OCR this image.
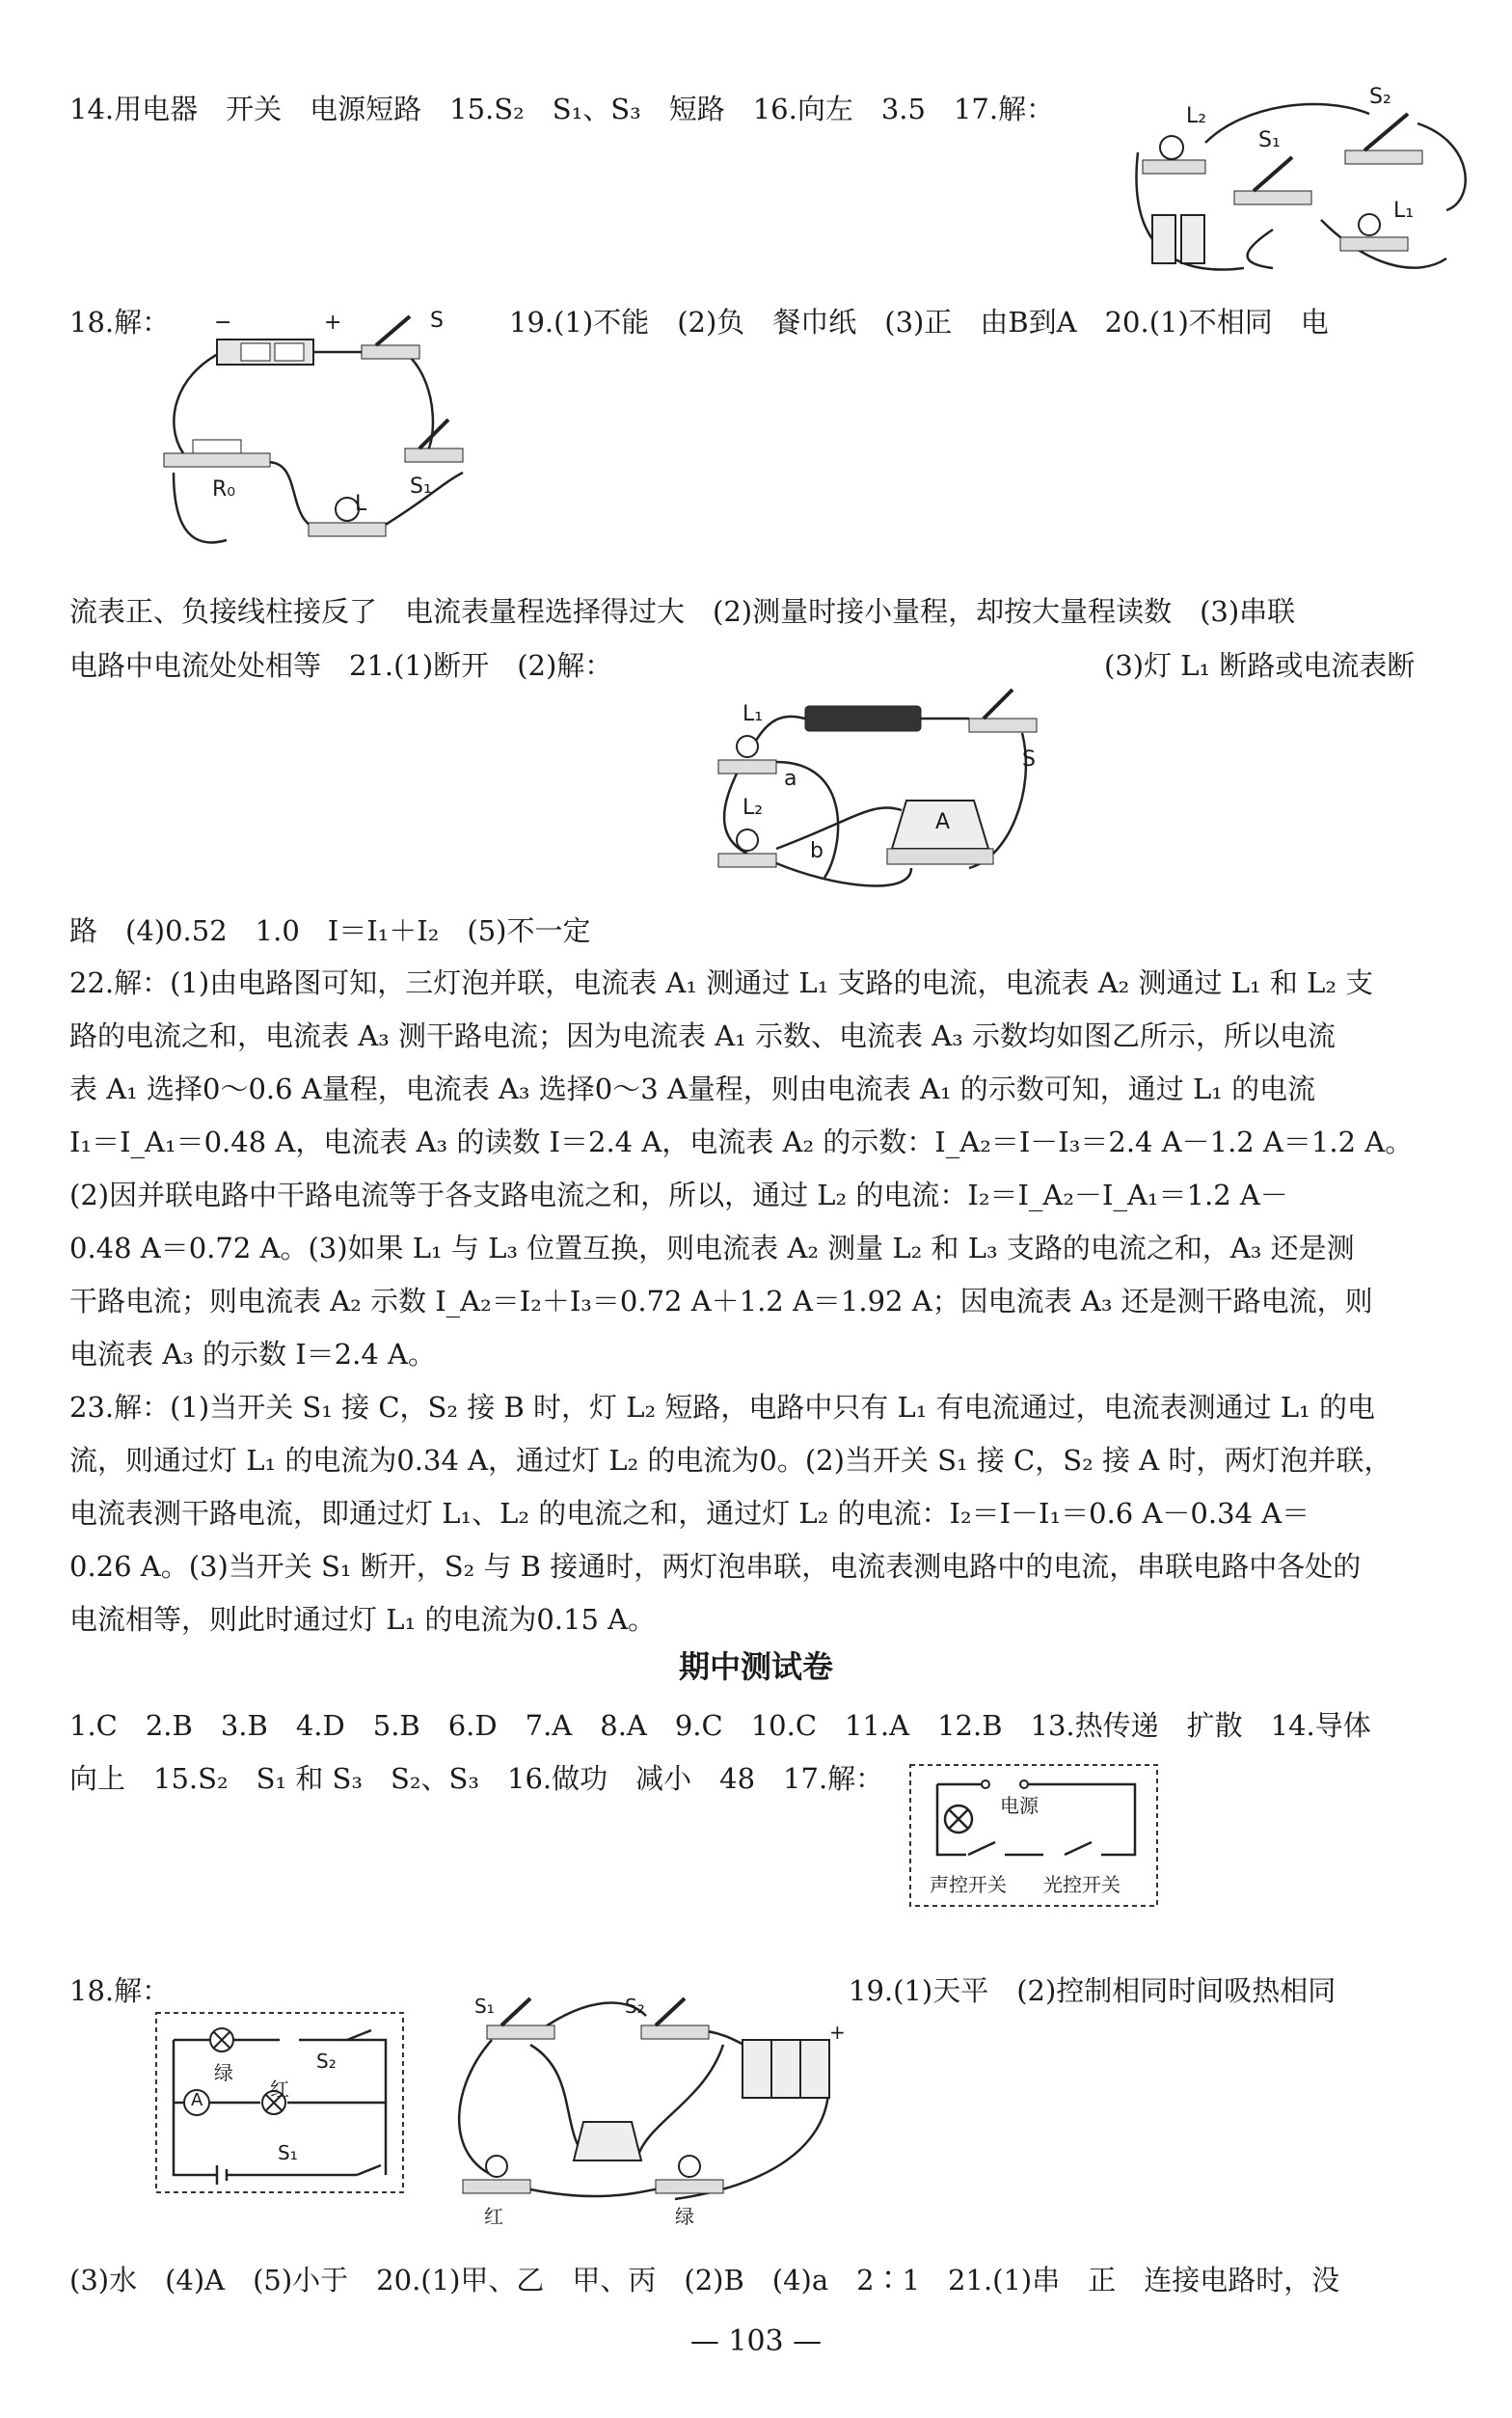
14.用电器　开关　电源短路　15.S₂　S₁、S₃　短路　16.向左　3.5　17.解：	L₂
S₁
S₂
L₁
18.解： −	+	S
R₀
L
S₁
19.(1)不能　(2)负　餐巾纸　(3)正　由B到A　20.(1)不相同　电
流表正、负接线柱接反了　电流表量程选择得过大　(2)测量时接小量程，却按大量程读数　(3)串联
电路中电流处处相等　21.(1)断开　(2)解：	(3)灯 L₁ 断路或电流表断
L₁
L₂
a
b
S
A
路　(4)0.52　1.0　I＝I₁＋I₂　(5)不一定
22.解：(1)由电路图可知，三灯泡并联，电流表 A₁ 测通过 L₁ 支路的电流，电流表 A₂ 测通过 L₁ 和 L₂ 支
路的电流之和，电流表 A₃ 测干路电流；因为电流表 A₁ 示数、电流表 A₃ 示数均如图乙所示，所以电流
表 A₁ 选择0～0.6 A量程，电流表 A₃ 选择0～3 A量程，则由电流表 A₁ 的示数可知，通过 L₁ 的电流
I₁＝I_A₁＝0.48 A，电流表 A₃ 的读数 I＝2.4 A，电流表 A₂ 的示数：I_A₂＝I－I₃＝2.4 A－1.2 A＝1.2 A。
(2)因并联电路中干路电流等于各支路电流之和，所以，通过 L₂ 的电流：I₂＝I_A₂－I_A₁＝1.2 A－
0.48 A＝0.72 A。(3)如果 L₁ 与 L₃ 位置互换，则电流表 A₂ 测量 L₂ 和 L₃ 支路的电流之和，A₃ 还是测
干路电流；则电流表 A₂ 示数 I_A₂＝I₂＋I₃＝0.72 A＋1.2 A＝1.92 A；因电流表 A₃ 还是测干路电流，则
电流表 A₃ 的示数 I＝2.4 A。
23.解：(1)当开关 S₁ 接 C，S₂ 接 B 时，灯 L₂ 短路，电路中只有 L₁ 有电流通过，电流表测通过 L₁ 的电
流，则通过灯 L₁ 的电流为0.34 A，通过灯 L₂ 的电流为0。(2)当开关 S₁ 接 C，S₂ 接 A 时，两灯泡并联，
电流表测干路电流，即通过灯 L₁、L₂ 的电流之和，通过灯 L₂ 的电流：I₂＝I－I₁＝0.6 A－0.34 A＝
0.26 A。(3)当开关 S₁ 断开，S₂ 与 B 接通时，两灯泡串联，电流表测电路中的电流，串联电路中各处的
电流相等，则此时通过灯 L₁ 的电流为0.15 A。
期中测试卷
1.C　2.B　3.B　4.D　5.B　6.D　7.A　8.A　9.C　10.C　11.A　12.B　13.热传递　扩散　14.导体
向上　15.S₂　S₁ 和 S₃　S₂、S₃　16.做功　减小　48　17.解：
电源
声控开关 光控开关
18.解：	19.(1)天平　(2)控制相同时间吸热相同
绿
A	红
S₂
S₁
S₁	S₂
+
红	绿
(3)水　(4)A　(5)小于　20.(1)甲、乙　甲、丙　(2)B　(4)a　2∶1　21.(1)串　正　连接电路时，没
— 103 —
